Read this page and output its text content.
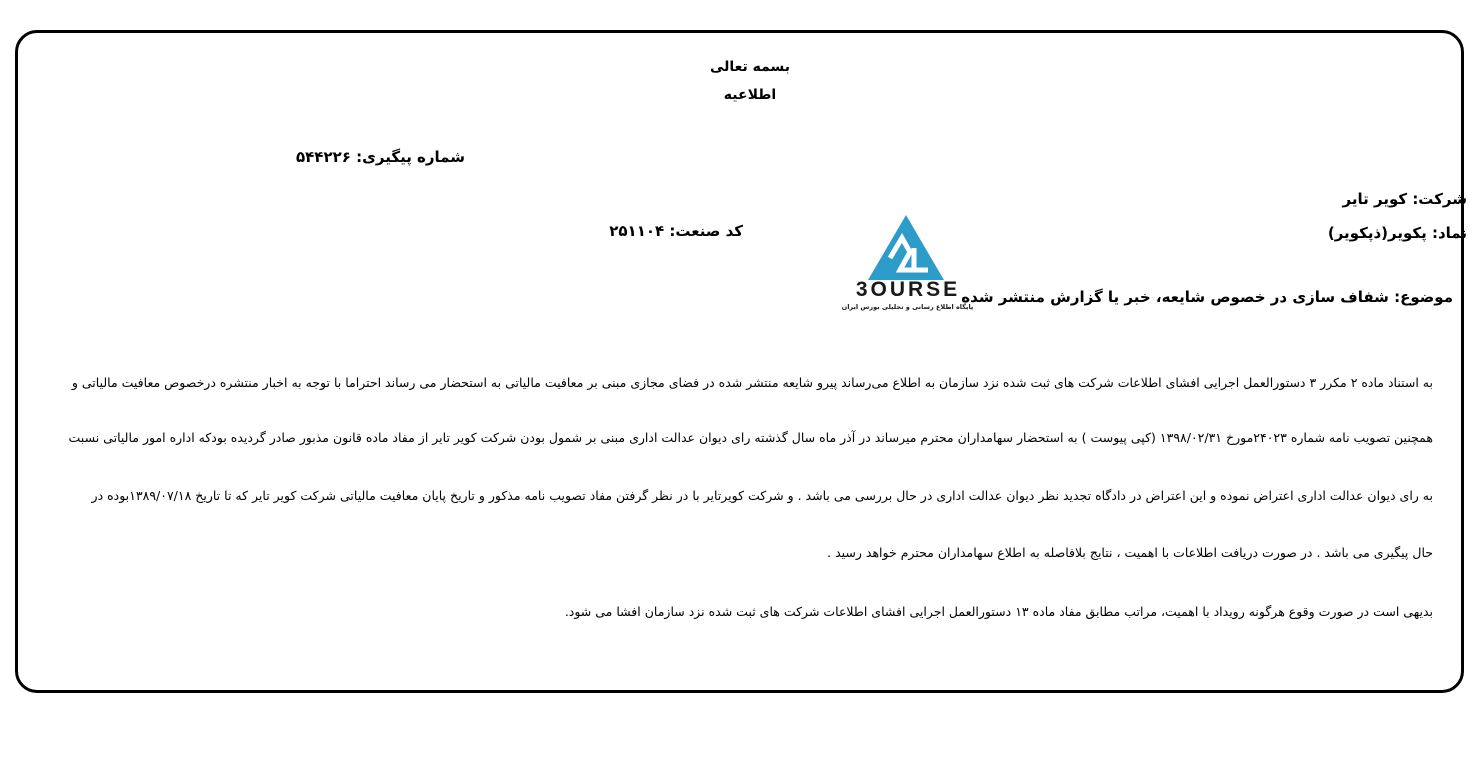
بسمه تعالی
اطلاعیه
شماره پیگیری: ۵۴۴۲۲۶
شرکت: کویر تایر
نماد: پکویر(ذپکویر)
کد صنعت: ۲۵۱۱۰۴
موضوع: شفاف سازی در خصوص شایعه، خبر یا گزارش منتشر شده
3OURSE
پایگاه اطلاع رسانی و تحلیلی بورس ایران
به استناد ماده ۲ مکرر ۳ دستورالعمل اجرایی افشای اطلاعات شرکت های ثبت شده نزد سازمان به اطلاع می‌رساند پیرو شایعه منتشر شده در فضای مجازی مبنی بر معافیت مالیاتی به استحضار می رساند احتراما با توجه به اخبار منتشره درخصوص معافیت مالیاتی و
همچنین تصویب نامه شماره ۲۴۰۲۳مورخ ۱۳۹۸/۰۲/۳۱ (کپی پیوست ) به استحضار سهامداران محترم میرساند در آذر ماه سال گذشته رای دیوان عدالت اداری مبنی بر شمول بودن شرکت کویر تایر از مفاد ماده قانون مذبور صادر گردیده بودکه اداره امور مالیاتی نسبت
به رای دیوان عدالت اداری اعتراض نموده و این اعتراض در دادگاه تجدید نظر دیوان عدالت اداری در حال بررسی می باشد . و شرکت کویرتایر با در نظر گرفتن مفاد تصویب نامه مذکور و تاریخ پایان معافیت مالیاتی شرکت کویر تایر که تا تاریخ ۱۳۸۹/۰۷/۱۸بوده در
حال پیگیری می باشد . در صورت دریافت اطلاعات با اهمیت ، نتایج بلافاصله به اطلاع سهامداران محترم خواهد رسید .
بدیهی است در صورت وقوع هرگونه رویداد با اهمیت، مراتب مطابق مفاد ماده ۱۳ دستورالعمل اجرایی افشای اطلاعات شرکت های ثبت شده نزد سازمان افشا می شود.
